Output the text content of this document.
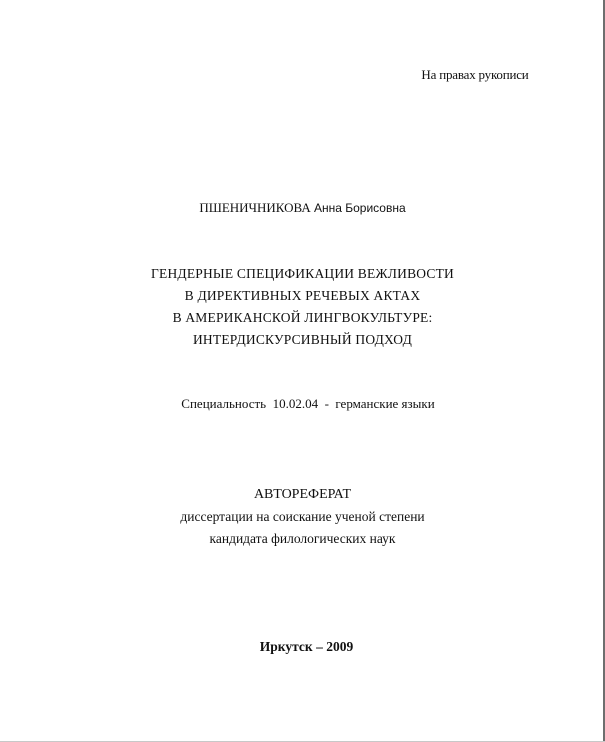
На правах рукописи
ПШЕНИЧНИКОВА Анна Борисовна
ГЕНДЕРНЫЕ СПЕЦИФИКАЦИИ ВЕЖЛИВОСТИ
В ДИРЕКТИВНЫХ РЕЧЕВЫХ АКТАХ
В АМЕРИКАНСКОЙ ЛИНГВОКУЛЬТУРЕ:
ИНТЕРДИСКУРСИВНЫЙ ПОДХОД
Специальность  10.02.04  -  германские языки
АВТОРЕФЕРАТ
диссертации на соискание ученой степени
кандидата филологических наук
Иркутск – 2009
